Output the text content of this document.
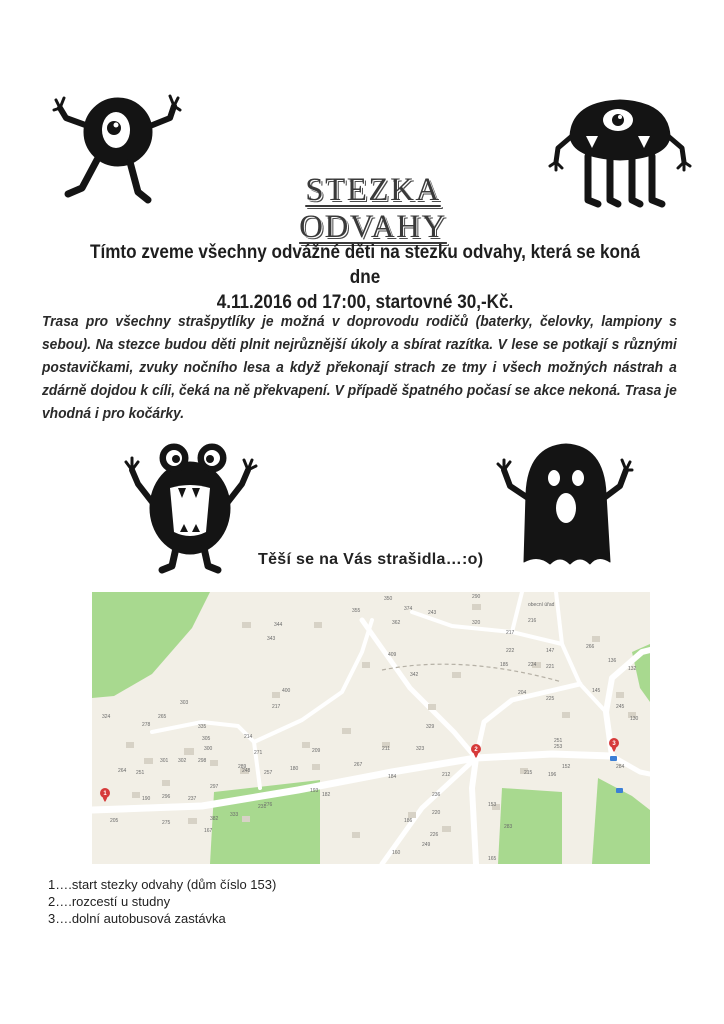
STEZKA ODVAHY
Tímto zveme všechny odvážné děti na stezku odvahy, která se koná dne
4.11.2016 od 17:00, startovné 30,-Kč.
Trasa pro všechny strašpytlíky je možná v doprovodu rodičů (baterky, čelovky, lampiony s sebou). Na stezce budou děti plnit nejrůznější úkoly a sbírat razítka. V lese se potkají s různými postavičkami, zvuky nočního lesa a když překonají strach ze tmy i všech možných nástrah a zdárně dojdou k cíli, čeká na ně překvapení. V případě špatného počasí se akce nekoná. Trasa je vhodná i pro kočárky.
Těší se na Vás strašidla…:o)
350
374
243
290
355
320
217
216
obecní úřad
362
344
343
222	147
266
136
132
409
185	224 221
400
342
204	145
217
225
324
303
245
130
265
278	335	329
211
209
267
305
300
214
251
323	253
271
301 302 298
264	248	257
180
184	212	215	196
152	284
251
237
289
193
236
297
296
190
182
220
153
205	275
382
333
276
231
226
283
167
186
160
249
165
1
2
3
1….start stezky odvahy (dům číslo 153)
2….rozcestí u studny
3….dolní autobusová zastávka
